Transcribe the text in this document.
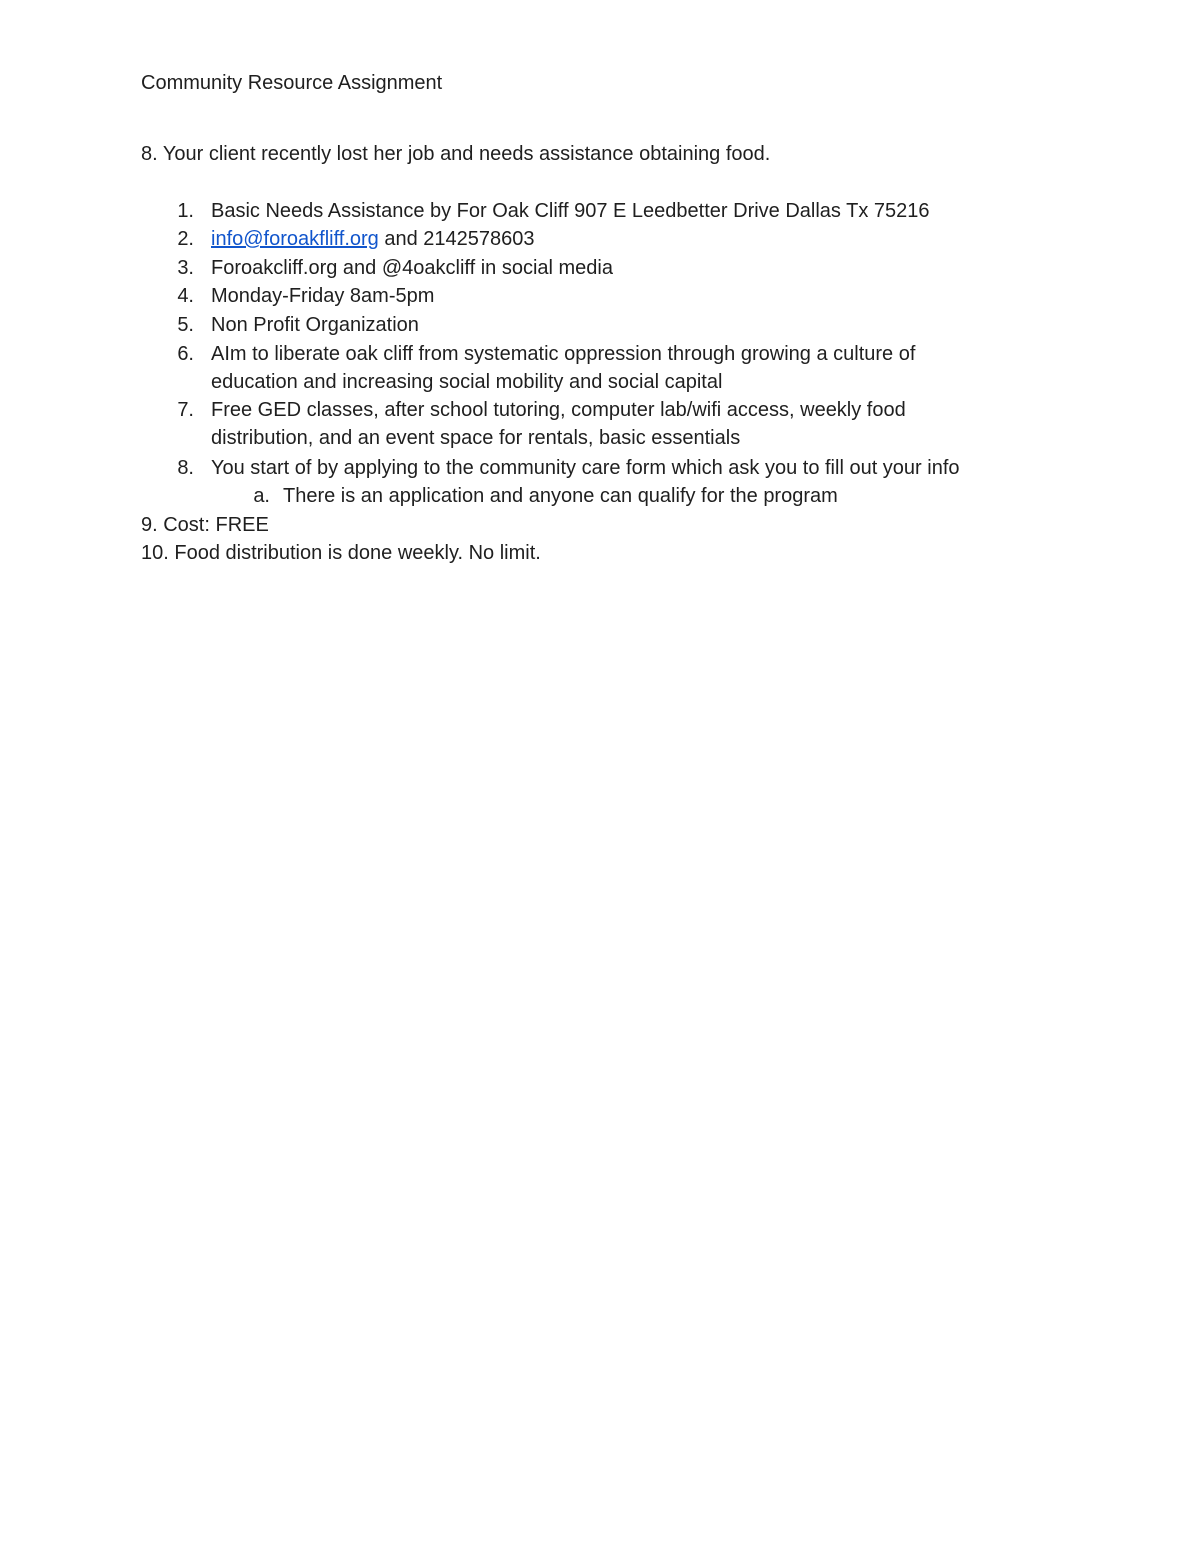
Community Resource Assignment
8. Your client recently lost her job and needs assistance obtaining food.
1. Basic Needs Assistance by For Oak Cliff 907 E Leedbetter Drive Dallas Tx 75216
2. info@foroakfliff.org and 2142578603
3. Foroakcliff.org and @4oakcliff in social media
4. Monday-Friday 8am-5pm
5. Non Profit Organization
6. AIm to liberate oak cliff from systematic oppression through growing a culture of
education and increasing social mobility and social capital
7. Free GED classes, after school tutoring, computer lab/wifi access, weekly food
distribution, and an event space for rentals, basic essentials
8. You start of by applying to the community care form which ask you to fill out your info
a. There is an application and anyone can qualify for the program
9. Cost: FREE
10. Food distribution is done weekly. No limit.
